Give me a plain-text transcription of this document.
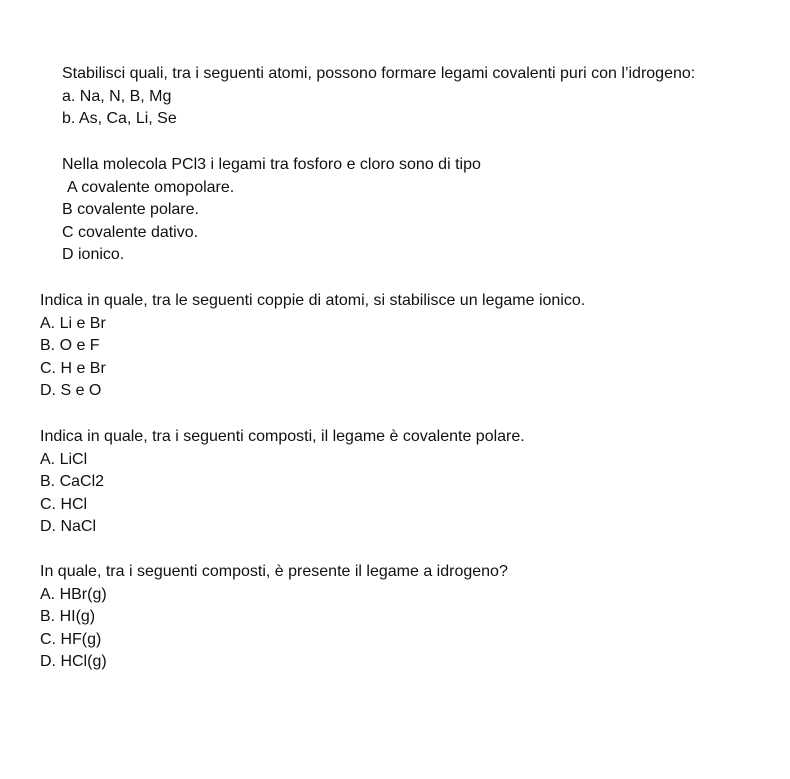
Stabilisci quali, tra i seguenti atomi, possono formare legami covalenti puri con l’idrogeno:

a. Na, N, B, Mg

b. As, Ca, Li, Se

Nella molecola PCl3 i legami tra fosforo e cloro sono di tipo

A covalente omopolare.

B covalente polare.

C covalente dativo.

D ionico.

Indica in quale, tra le seguenti coppie di atomi, si stabilisce un legame ionico.

A. Li e Br

B. O e F

C. H e Br

D. S e O

Indica in quale, tra i seguenti composti, il legame è covalente polare.

A. LiCl

B. CaCl2

C. HCl

D. NaCl

In quale, tra i seguenti composti, è presente il legame a idrogeno?

A. HBr(g)

B. HI(g)

C. HF(g)

D. HCl(g)
